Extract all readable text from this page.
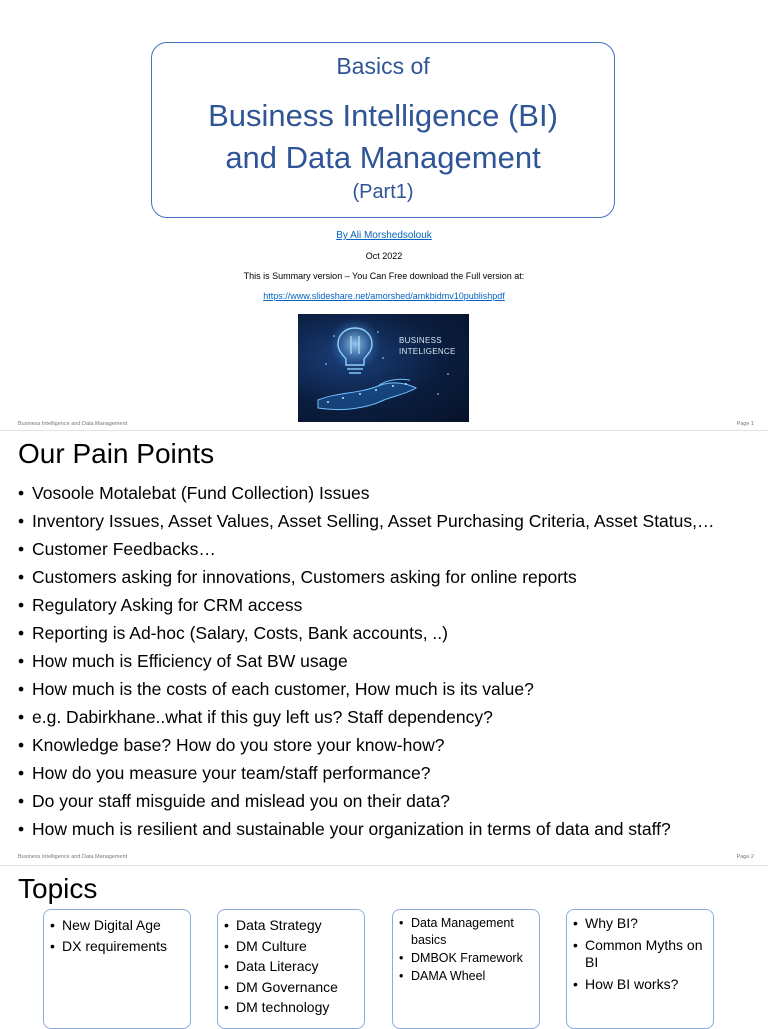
Basics of
Business Intelligence (BI)
and Data Management
(Part1)
By Ali Morshedsolouk
Oct 2022
This is Summary version – You Can Free download the Full version at:
https://www.slideshare.net/amorshed/amkbidmv10publishpdf
BUSINESS
INTELIGENCE
Business Intelligence and Data Management	Page 1
Our Pain Points
• Vosoole Motalebat (Fund Collection) Issues
• Inventory Issues, Asset Values, Asset Selling, Asset Purchasing Criteria, Asset Status,…
• Customer Feedbacks…
• Customers asking for innovations, Customers asking for online reports
• Regulatory Asking for CRM access
• Reporting is Ad-hoc (Salary, Costs, Bank accounts, ..)
• How much is Efficiency of Sat BW usage
• How much is the costs of each customer, How much is its value?
• e.g. Dabirkhane..what if this guy left us? Staff dependency?
• Knowledge base? How do you store your know-how?
• How do you measure your team/staff performance?
• Do your staff misguide and mislead you on their data?
• How much is resilient and sustainable your organization in terms of data and staff?
Business Intelligence and Data Management	Page 2
Topics
• New Digital Age
• DX requirements
• Data Strategy
• DM Culture
• Data Literacy
• DM Governance
• DM technology
• Data Management basics
• DMBOK Framework
• DAMA Wheel
• Why BI?
• Common Myths on BI
• How BI works?
